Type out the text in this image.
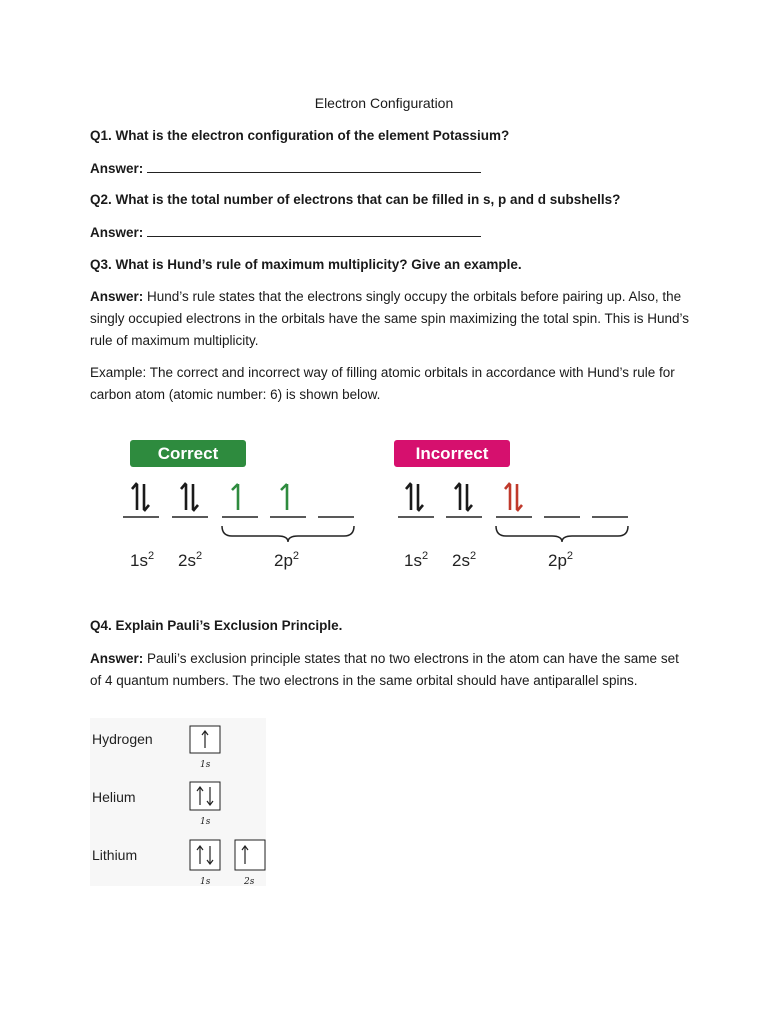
Electron Configuration
Q1. What is the electron configuration of the element Potassium?
Answer:
Q2. What is the total number of electrons that can be filled in s, p and d subshells?
Answer:
Q3. What is Hund’s rule of maximum multiplicity? Give an example.
Answer: Hund’s rule states that the electrons singly occupy the orbitals before pairing up. Also, the singly occupied electrons in the orbitals have the same spin maximizing the total spin. This is Hund’s rule of maximum multiplicity.
Example: The correct and incorrect way of filling atomic orbitals in accordance with Hund’s rule for carbon atom (atomic number: 6) is shown below.
Correct	Incorrect
$1s^2$ $2s^2$	$2p^2$	$1s^2$ $2s^2$	$2p^2$
Q4. Explain Pauli’s Exclusion Principle.
Answer: Pauli’s exclusion principle states that no two electrons in the atom can have the same set of 4 quantum numbers. The two electrons in the same orbital should have antiparallel spins.
Hydrogen
1s
Helium
1s
Lithium
1s	2s
